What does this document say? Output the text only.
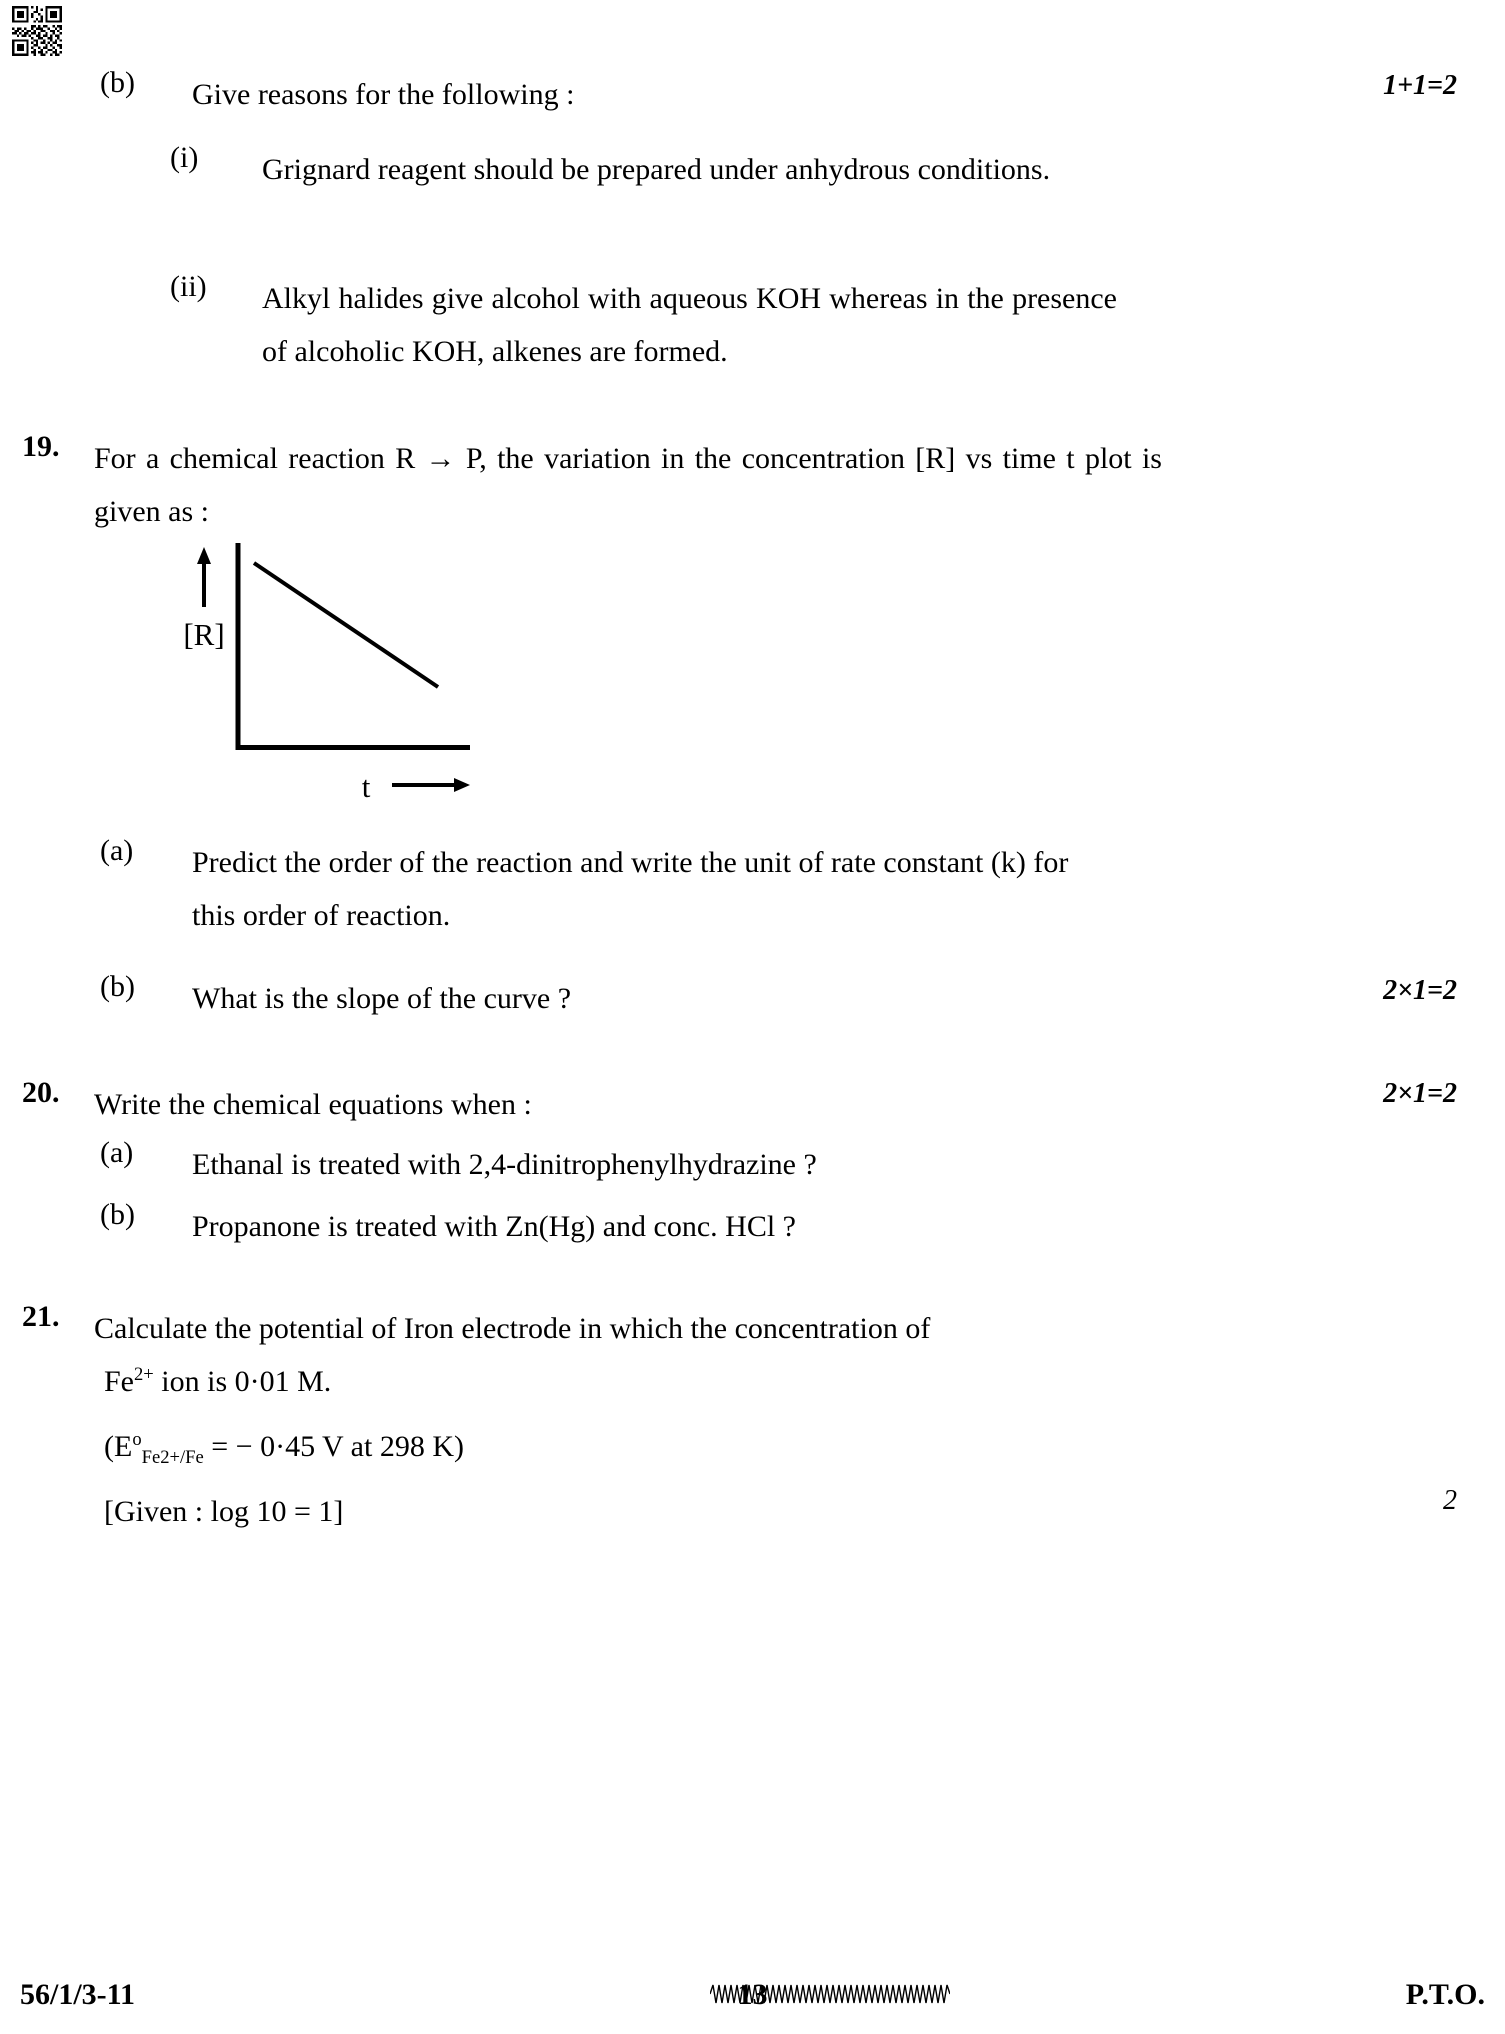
(b)	Give reasons for the following :	1+1=2
(i)	Grignard reagent should be prepared under anhydrous conditions.
(ii)	Alkyl halides give alcohol with aqueous KOH whereas in the presence of alcoholic KOH, alkenes are formed.
19.	For a chemical reaction R → P, the variation in the concentration [R] vs time t plot is given as :
[R]
t
(a)	Predict the order of the reaction and write the unit of rate constant (k) for this order of reaction.
(b)	What is the slope of the curve ?	2×1=2
20.	Write the chemical equations when :	2×1=2
(a)	Ethanal is treated with 2,4-dinitrophenylhydrazine ?
(b)	Propanone is treated with Zn(Hg) and conc. HCl ?
21.	Calculate the potential of Iron electrode in which the concentration of
$Fe^{2+}$ ion is 0·01 M.
($E^o_{Fe2+/Fe}$ = − 0·45 V at 298 K)
[Given : log 10 = 1]	2
56/1/3-11	13	P.T.O.
